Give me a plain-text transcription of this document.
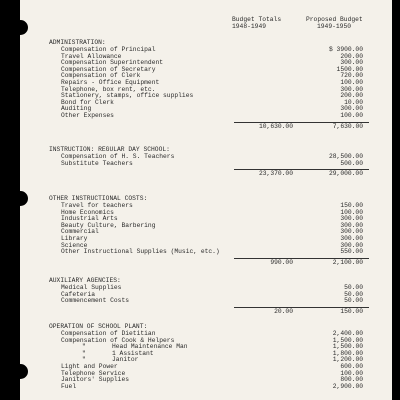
Budget Totals
1948-1949
Proposed Budget
1949-1950
ADMINISTRATION:
Compensation of Principal	$ 3900.00
Travel Allowance	200.00
Compensation Superintendent	300.00
Compensation of Secretary	1500.00
Compensation of Clerk	720.00
Repairs - Office Equipment	100.00
Telephone, box rent, etc.	300.00
Stationery, stamps, office supplies	200.00
Bond for Clerk	10.00
Auditing	300.00
Other Expenses	100.00
10,630.00	7,630.00
INSTRUCTION: REGULAR DAY SCHOOL:
Compensation of H. S. Teachers	28,500.00
Substitute Teachers	500.00
23,370.00	29,000.00
OTHER INSTRUCTIONAL COSTS:
Travel for teachers	150.00
Home Economics	100.00
Industrial Arts	300.00
Beauty Culture, Barbering	300.00
Commercial	300.00
Library	300.00
Science	300.00
Other Instructional Supplies (Music, etc.)	550.00
990.00	2,100.00
AUXILIARY AGENCIES:
Medical Supplies	50.00
Cafeteria	50.00
Commencement Costs	50.00
20.00	150.00
OPERATION OF SCHOOL PLANT:
Compensation of Dietitian	2,400.00
Compensation of Cook & Helpers	1,500.00
"	Head Maintenance Man	1,500.00
"	1 Assistant	1,800.00
"	Janitor	1,200.00
Light and Power	600.00
Telephone Service	100.00
Janitors' Supplies	800.00
Fuel	2,900.00
